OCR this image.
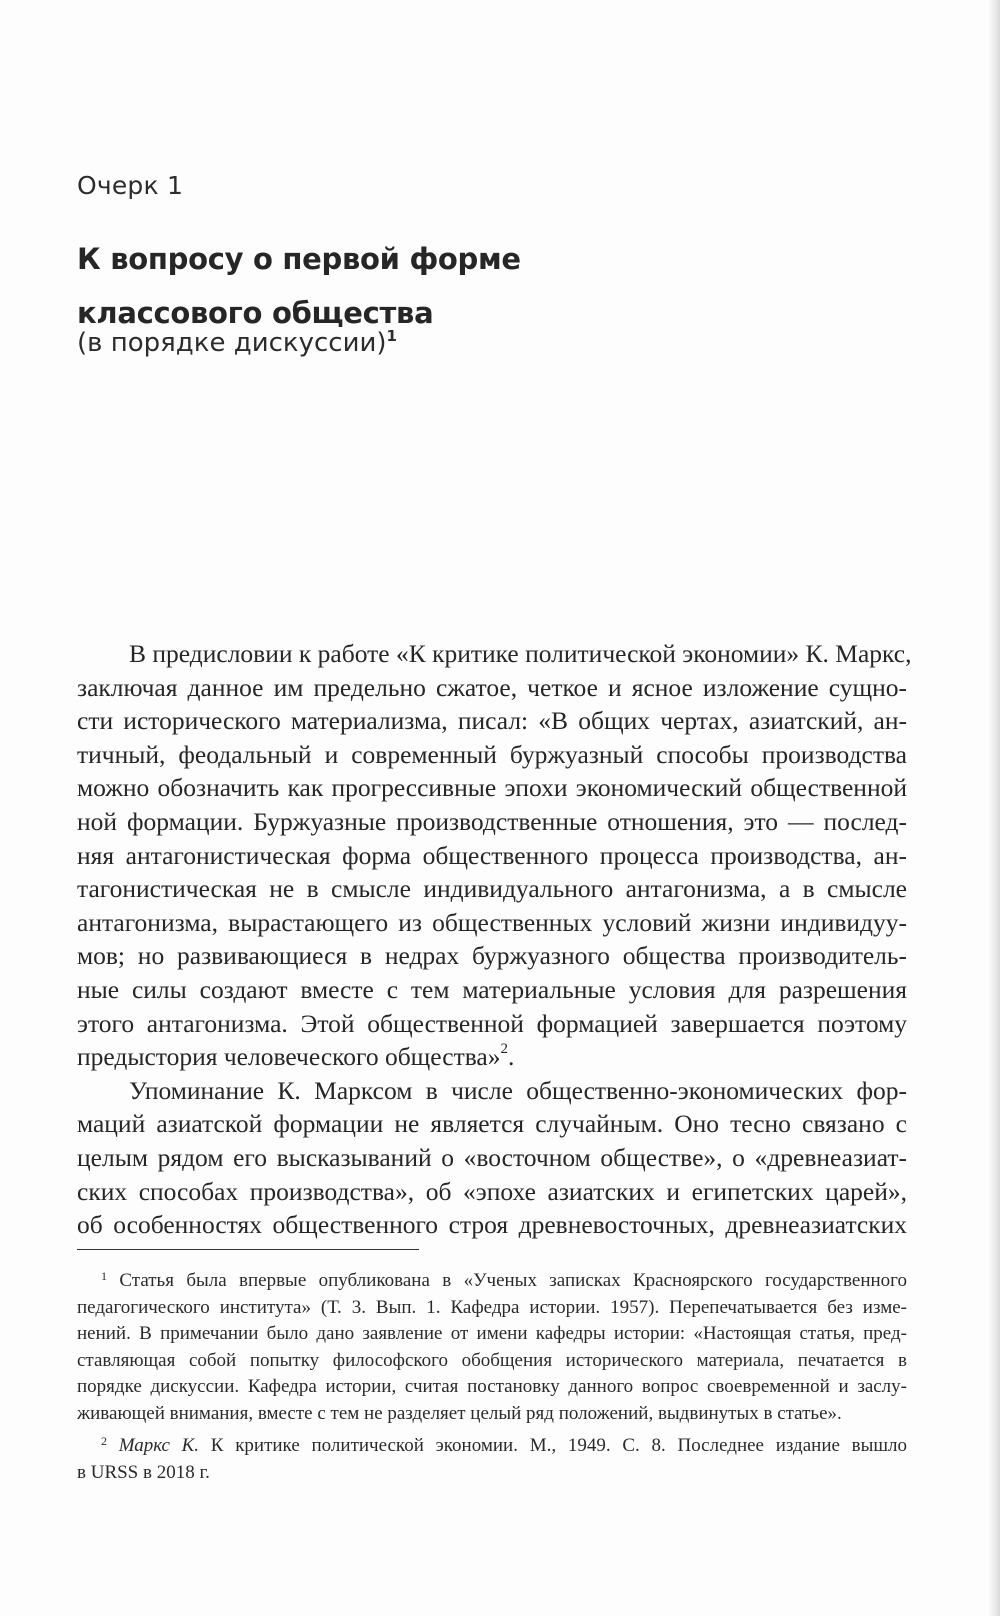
Очерк 1
К вопросу о первой форме
классового общества
(в порядке дискуссии)$^1$

В предисловии к работе «К критике политической экономии» К. Маркс,
заключая данное им предельно сжатое, четкое и ясное изложение сущно-
сти исторического материализма, писал: «В общих чертах, азиатский, ан-
тичный, феодальный и современный буржуазный способы производства
можно обозначить как прогрессивные эпохи экономический общественной
ной формации. Буржуазные производственные отношения, это — послед-
няя антагонистическая форма общественного процесса производства, ан-
тагонистическая не в смысле индивидуального антагонизма, а в смысле
антагонизма, вырастающего из общественных условий жизни индивидуу-
мов; но развивающиеся в недрах буржуазного общества производитель-
ные силы создают вместе с тем материальные условия для разрешения
этого антагонизма. Этой общественной формацией завершается поэтому
предыстория человеческого общества»$^2$.

Упоминание К. Марксом в числе общественно-экономических фор-
маций азиатской формации не является случайным. Оно тесно связано с
целым рядом его высказываний о «восточном обществе», о «древнеазиат-
ских способах производства», об «эпохе азиатских и египетских царей»,
об особенностях общественного строя древневосточных, древнеазиатских

$^1$ Статья была впервые опубликована в «Ученых записках Красноярского государственного
педагогического института» (Т. 3. Вып. 1. Кафедра истории. 1957). Перепечатывается без изме-
нений. В примечании было дано заявление от имени кафедры истории: «Настоящая статья, пред-
ставляющая собой попытку философского обобщения исторического материала, печатается в
порядке дискуссии. Кафедра истории, считая постановку данного вопрос своевременной и заслу-
живающей внимания, вместе с тем не разделяет целый ряд положений, выдвинутых в статье».
$^2$ Маркс К. К критике политической экономии. М., 1949. С. 8. Последнее издание вышло
в URSS в 2018 г.
